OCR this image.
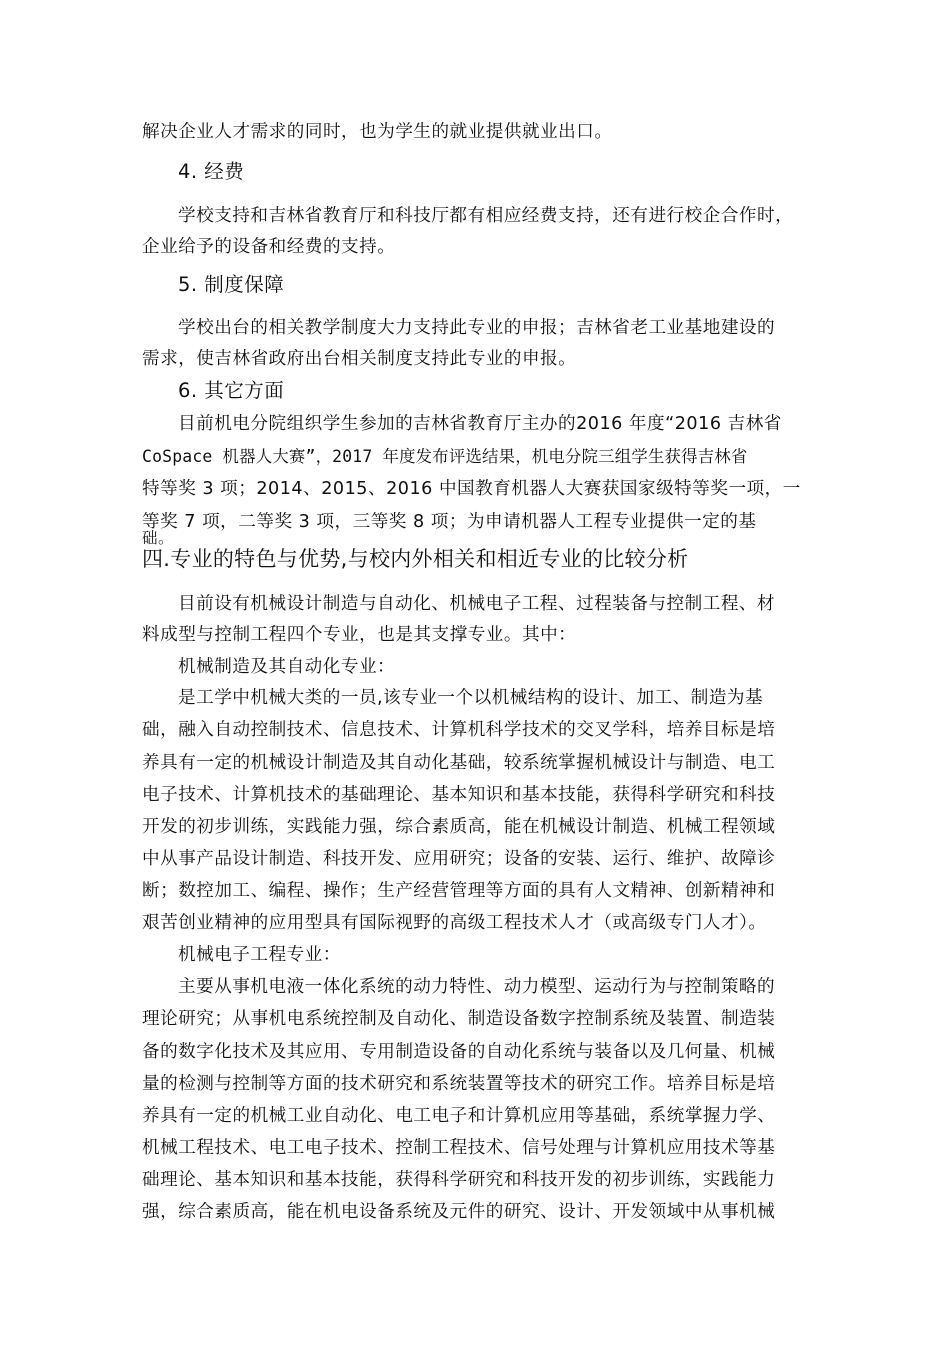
解决企业人才需求的同时，也为学生的就业提供就业出口。
4. 经费
学校支持和吉林省教育厅和科技厅都有相应经费支持，还有进行校企合作时，
企业给予的设备和经费的支持。
5. 制度保障
学校出台的相关教学制度大力支持此专业的申报；吉林省老工业基地建设的
需求，使吉林省政府出台相关制度支持此专业的申报。
6. 其它方面
目前机电分院组织学生参加的吉林省教育厅主办的2016 年度“2016 吉林省
CoSpace 机器人大赛”，2017 年度发布评选结果，机电分院三组学生获得吉林省
特等奖 3 项；2014、2015、2016 中国教育机器人大赛获国家级特等奖一项，一
等奖 7 项，二等奖 3 项，三等奖 8 项；为申请机器人工程专业提供一定的基
础。
四.专业的特色与优势,与校内外相关和相近专业的比较分析
目前设有机械设计制造与自动化、机械电子工程、过程装备与控制工程、材
料成型与控制工程四个专业，也是其支撑专业。其中：
机械制造及其自动化专业：
是工学中机械大类的一员,该专业一个以机械结构的设计、加工、制造为基
础，融入自动控制技术、信息技术、计算机科学技术的交叉学科，培养目标是培
养具有一定的机械设计制造及其自动化基础，较系统掌握机械设计与制造、电工
电子技术、计算机技术的基础理论、基本知识和基本技能，获得科学研究和科技
开发的初步训练，实践能力强，综合素质高，能在机械设计制造、机械工程领域
中从事产品设计制造、科技开发、应用研究；设备的安装、运行、维护、故障诊
断；数控加工、编程、操作；生产经营管理等方面的具有人文精神、创新精神和
艰苦创业精神的应用型具有国际视野的高级工程技术人才（或高级专门人才）。
机械电子工程专业：
主要从事机电液一体化系统的动力特性、动力模型、运动行为与控制策略的
理论研究；从事机电系统控制及自动化、制造设备数字控制系统及装置、制造装
备的数字化技术及其应用、专用制造设备的自动化系统与装备以及几何量、机械
量的检测与控制等方面的技术研究和系统装置等技术的研究工作。培养目标是培
养具有一定的机械工业自动化、电工电子和计算机应用等基础，系统掌握力学、
机械工程技术、电工电子技术、控制工程技术、信号处理与计算机应用技术等基
础理论、基本知识和基本技能，获得科学研究和科技开发的初步训练，实践能力
强，综合素质高，能在机电设备系统及元件的研究、设计、开发领域中从事机械
